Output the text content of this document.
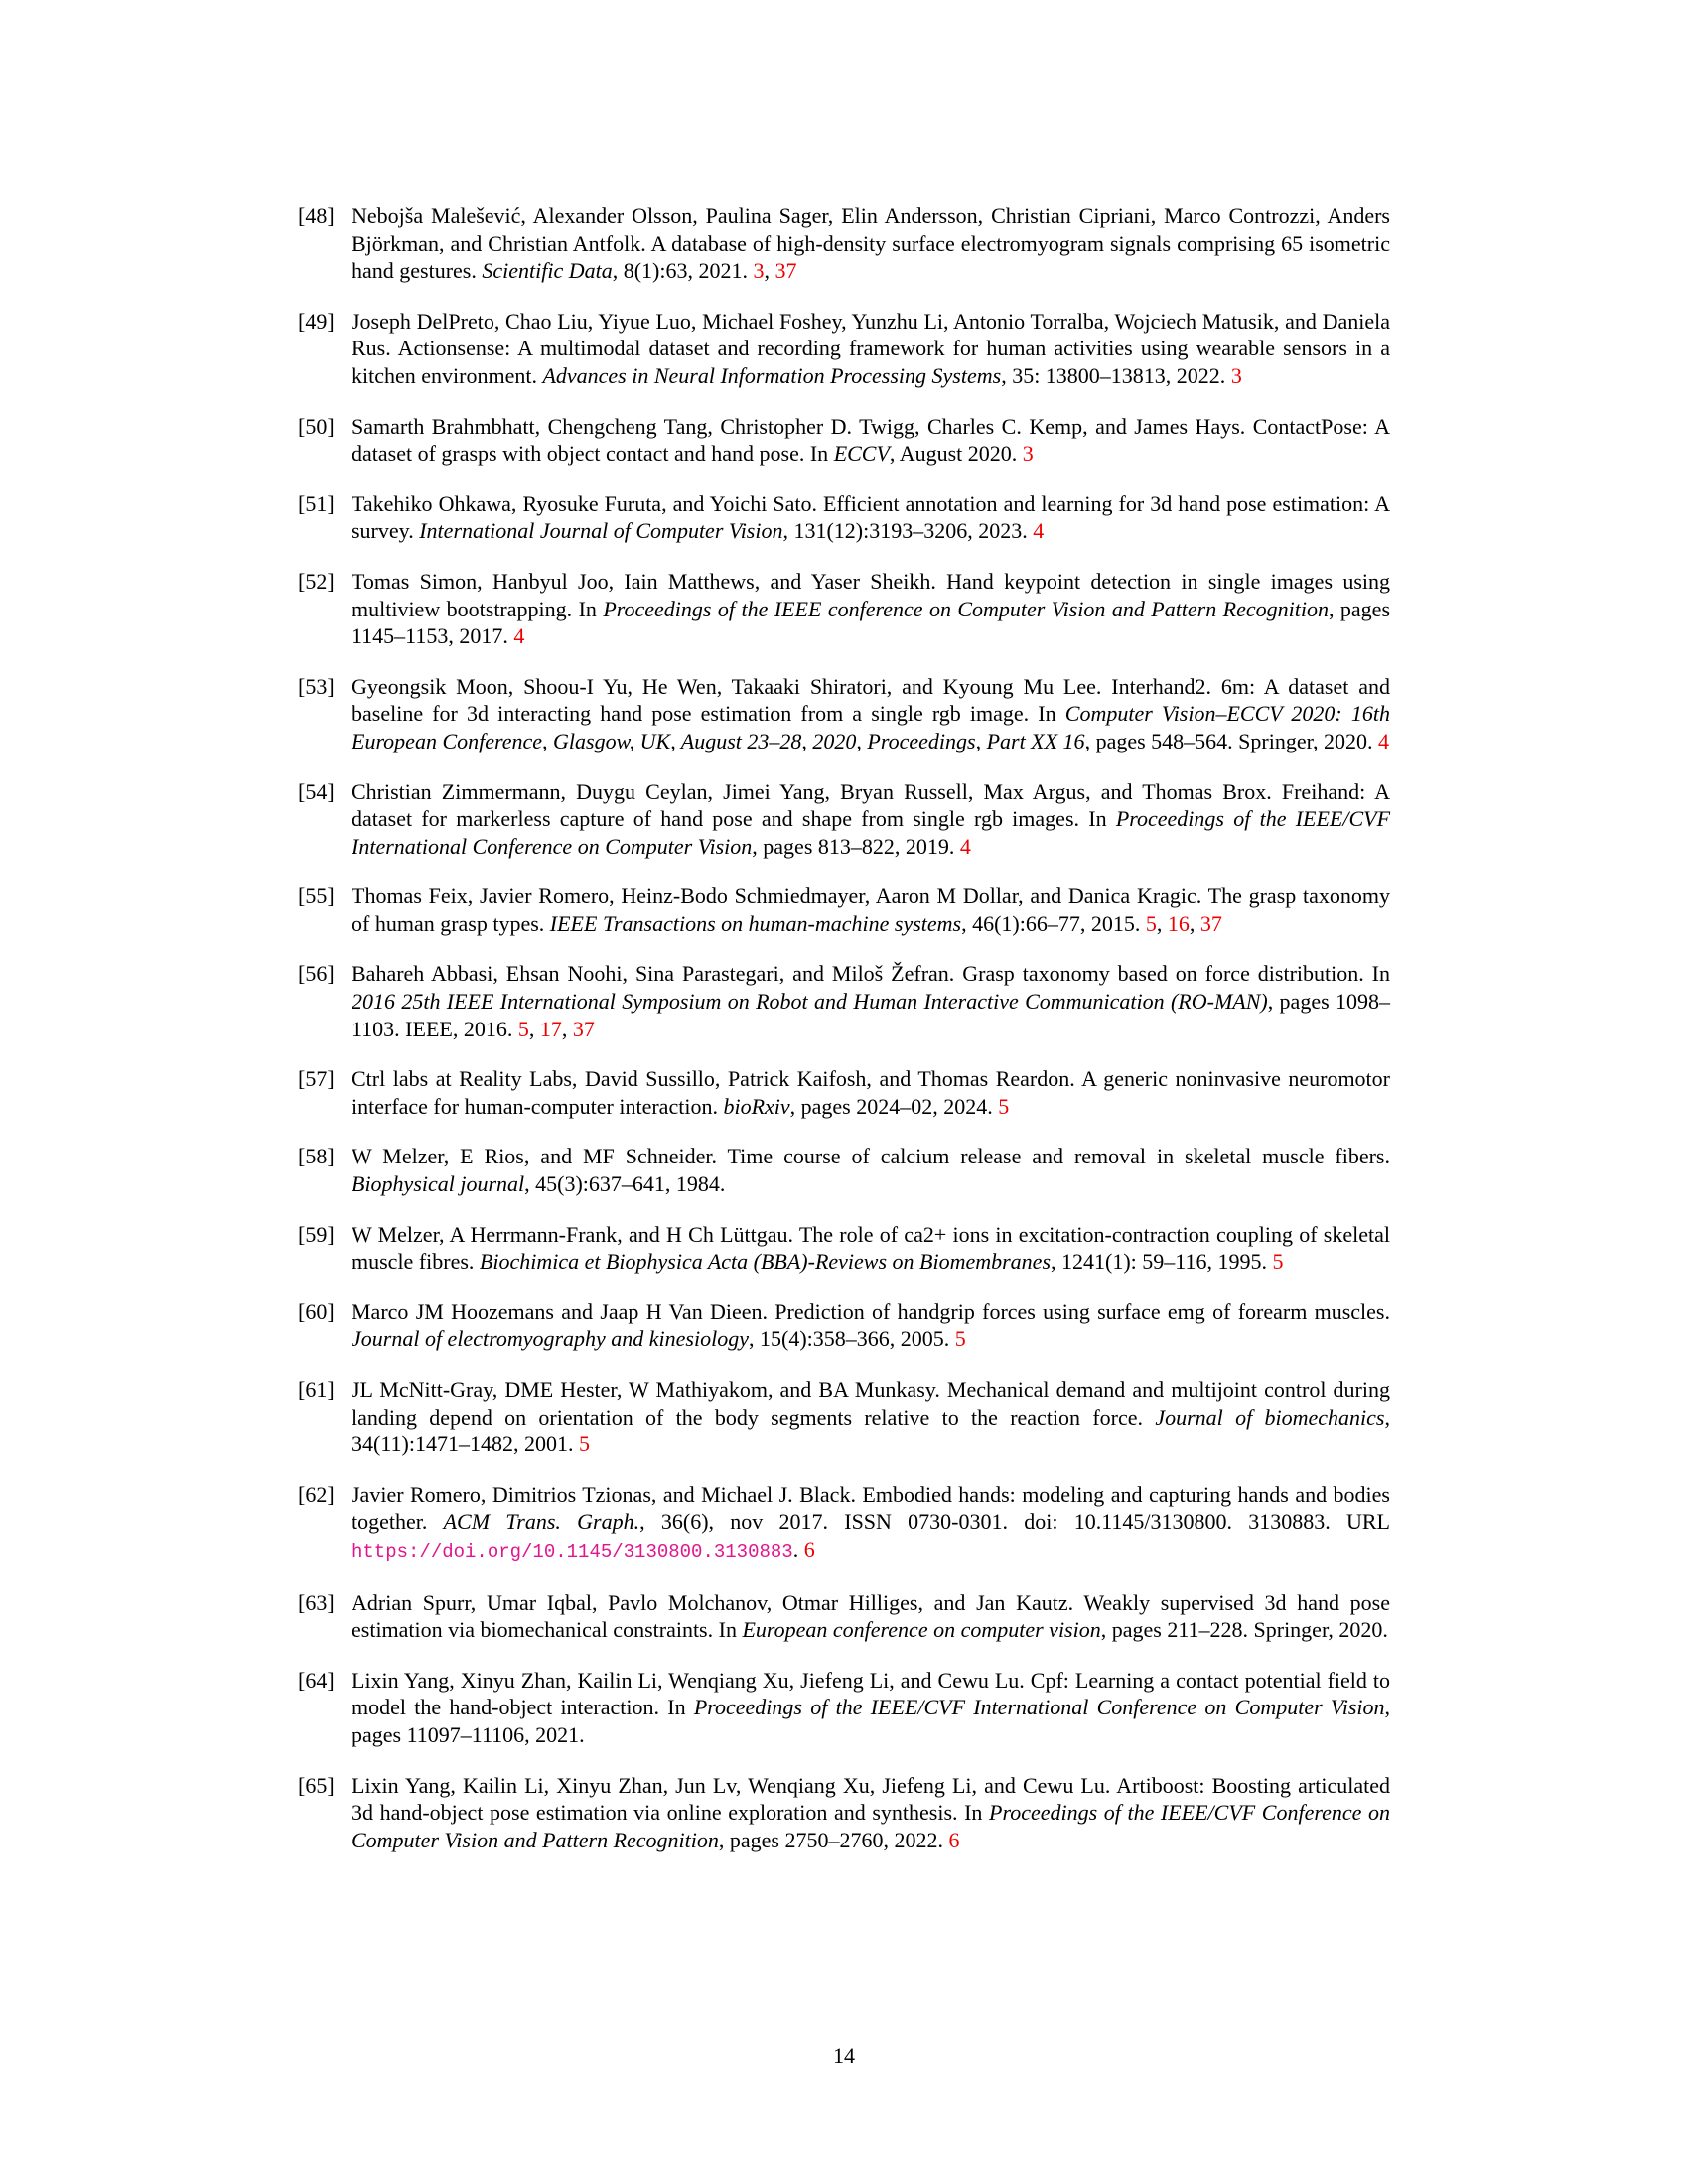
[48] Nebojša Malešević, Alexander Olsson, Paulina Sager, Elin Andersson, Christian Cipriani, Marco Controzzi, Anders Björkman, and Christian Antfolk. A database of high-density surface electromyogram signals comprising 65 isometric hand gestures. Scientific Data, 8(1):63, 2021. 3, 37
[49] Joseph DelPreto, Chao Liu, Yiyue Luo, Michael Foshey, Yunzhu Li, Antonio Torralba, Wojciech Matusik, and Daniela Rus. Actionsense: A multimodal dataset and recording framework for human activities using wearable sensors in a kitchen environment. Advances in Neural Information Processing Systems, 35: 13800–13813, 2022. 3
[50] Samarth Brahmbhatt, Chengcheng Tang, Christopher D. Twigg, Charles C. Kemp, and James Hays. ContactPose: A dataset of grasps with object contact and hand pose. In ECCV, August 2020. 3
[51] Takehiko Ohkawa, Ryosuke Furuta, and Yoichi Sato. Efficient annotation and learning for 3d hand pose estimation: A survey. International Journal of Computer Vision, 131(12):3193–3206, 2023. 4
[52] Tomas Simon, Hanbyul Joo, Iain Matthews, and Yaser Sheikh. Hand keypoint detection in single images using multiview bootstrapping. In Proceedings of the IEEE conference on Computer Vision and Pattern Recognition, pages 1145–1153, 2017. 4
[53] Gyeongsik Moon, Shoou-I Yu, He Wen, Takaaki Shiratori, and Kyoung Mu Lee. Interhand2. 6m: A dataset and baseline for 3d interacting hand pose estimation from a single rgb image. In Computer Vision–ECCV 2020: 16th European Conference, Glasgow, UK, August 23–28, 2020, Proceedings, Part XX 16, pages 548–564. Springer, 2020. 4
[54] Christian Zimmermann, Duygu Ceylan, Jimei Yang, Bryan Russell, Max Argus, and Thomas Brox. Freihand: A dataset for markerless capture of hand pose and shape from single rgb images. In Proceedings of the IEEE/CVF International Conference on Computer Vision, pages 813–822, 2019. 4
[55] Thomas Feix, Javier Romero, Heinz-Bodo Schmiedmayer, Aaron M Dollar, and Danica Kragic. The grasp taxonomy of human grasp types. IEEE Transactions on human-machine systems, 46(1):66–77, 2015. 5, 16, 37
[56] Bahareh Abbasi, Ehsan Noohi, Sina Parastegari, and Miloš Žefran. Grasp taxonomy based on force distribution. In 2016 25th IEEE International Symposium on Robot and Human Interactive Communication (RO-MAN), pages 1098–1103. IEEE, 2016. 5, 17, 37
[57] Ctrl labs at Reality Labs, David Sussillo, Patrick Kaifosh, and Thomas Reardon. A generic noninvasive neuromotor interface for human-computer interaction. bioRxiv, pages 2024–02, 2024. 5
[58] W Melzer, E Rios, and MF Schneider. Time course of calcium release and removal in skeletal muscle fibers. Biophysical journal, 45(3):637–641, 1984.
[59] W Melzer, A Herrmann-Frank, and H Ch Lüttgau. The role of ca2+ ions in excitation-contraction coupling of skeletal muscle fibres. Biochimica et Biophysica Acta (BBA)-Reviews on Biomembranes, 1241(1): 59–116, 1995. 5
[60] Marco JM Hoozemans and Jaap H Van Dieen. Prediction of handgrip forces using surface emg of forearm muscles. Journal of electromyography and kinesiology, 15(4):358–366, 2005. 5
[61] JL McNitt-Gray, DME Hester, W Mathiyakom, and BA Munkasy. Mechanical demand and multijoint control during landing depend on orientation of the body segments relative to the reaction force. Journal of biomechanics, 34(11):1471–1482, 2001. 5
[62] Javier Romero, Dimitrios Tzionas, and Michael J. Black. Embodied hands: modeling and capturing hands and bodies together. ACM Trans. Graph., 36(6), nov 2017. ISSN 0730-0301. doi: 10.1145/3130800. 3130883. URL https://doi.org/10.1145/3130800.3130883. 6
[63] Adrian Spurr, Umar Iqbal, Pavlo Molchanov, Otmar Hilliges, and Jan Kautz. Weakly supervised 3d hand pose estimation via biomechanical constraints. In European conference on computer vision, pages 211–228. Springer, 2020.
[64] Lixin Yang, Xinyu Zhan, Kailin Li, Wenqiang Xu, Jiefeng Li, and Cewu Lu. Cpf: Learning a contact potential field to model the hand-object interaction. In Proceedings of the IEEE/CVF International Conference on Computer Vision, pages 11097–11106, 2021.
[65] Lixin Yang, Kailin Li, Xinyu Zhan, Jun Lv, Wenqiang Xu, Jiefeng Li, and Cewu Lu. Artiboost: Boosting articulated 3d hand-object pose estimation via online exploration and synthesis. In Proceedings of the IEEE/CVF Conference on Computer Vision and Pattern Recognition, pages 2750–2760, 2022. 6
14
